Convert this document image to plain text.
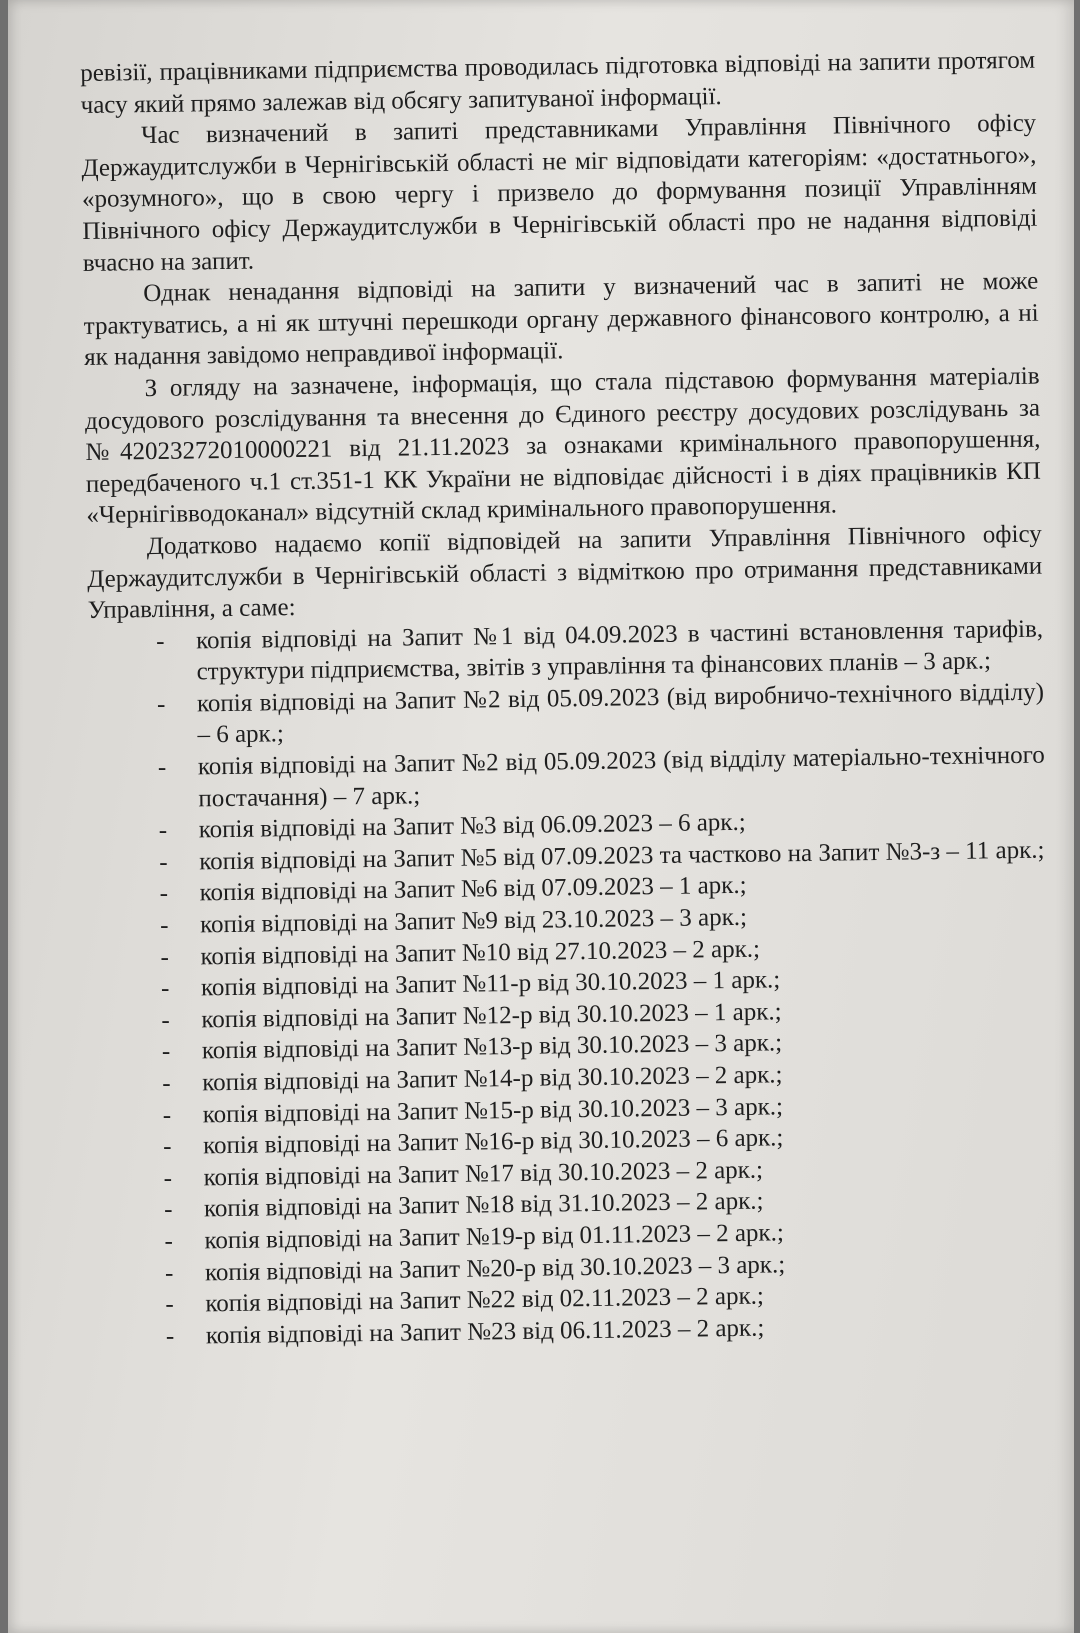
ревізії, працівниками підприємства проводилась підготовка відповіді на запити протягом часу який прямо залежав від обсягу запитуваної інформації.

Час визначений в запиті представниками Управління Північного офісу Держаудитслужби в Чернігівській області не міг відповідати категоріям: «достатнього», «розумного», що в свою чергу і призвело до формування позиції Управлінням Північного офісу Держаудитслужби в Чернігівській області про не надання відповіді вчасно на запит.

Однак ненадання відповіді на запити у визначений час в запиті не може трактуватись, а ні як штучні перешкоди органу державного фінансового контролю, а ні як надання завідомо неправдивої інформації.

З огляду на зазначене, інформація, що стала підставою формування матеріалів досудового розслідування та внесення до Єдиного реєстру досудових розслідувань за №42023272010000221 від 21.11.2023 за ознаками кримінального правопорушення, передбаченого ч.1 ст.351-1 КК України не відповідає дійсності і в діях працівників КП «Чернігівводоканал» відсутній склад кримінального правопорушення.

Додатково надаємо копії відповідей на запити Управління Північного офісу Держаудитслужби в Чернігівській області з відміткою про отримання представниками Управління, а саме:

- копія відповіді на Запит №1 від 04.09.2023 в частині встановлення тарифів, структури підприємства, звітів з управління та фінансових планів – 3 арк.;
- копія відповіді на Запит №2 від 05.09.2023 (від виробничо-технічного відділу) – 6 арк.;
- копія відповіді на Запит №2 від 05.09.2023 (від відділу матеріально-технічного постачання) – 7 арк.;
- копія відповіді на Запит №3 від 06.09.2023 – 6 арк.;
- копія відповіді на Запит №5 від 07.09.2023 та частково на Запит №3-з – 11 арк.;
- копія відповіді на Запит №6 від 07.09.2023 – 1 арк.;
- копія відповіді на Запит №9 від 23.10.2023 – 3 арк.;
- копія відповіді на Запит №10 від 27.10.2023 – 2 арк.;
- копія відповіді на Запит №11-р від 30.10.2023 – 1 арк.;
- копія відповіді на Запит №12-р від 30.10.2023 – 1 арк.;
- копія відповіді на Запит №13-р від 30.10.2023 – 3 арк.;
- копія відповіді на Запит №14-р від 30.10.2023 – 2 арк.;
- копія відповіді на Запит №15-р від 30.10.2023 – 3 арк.;
- копія відповіді на Запит №16-р від 30.10.2023 – 6 арк.;
- копія відповіді на Запит №17 від 30.10.2023 – 2 арк.;
- копія відповіді на Запит №18 від 31.10.2023 – 2 арк.;
- копія відповіді на Запит №19-р від 01.11.2023 – 2 арк.;
- копія відповіді на Запит №20-р від 30.10.2023 – 3 арк.;
- копія відповіді на Запит №22 від 02.11.2023 – 2 арк.;
- копія відповіді на Запит №23 від 06.11.2023 – 2 арк.;
